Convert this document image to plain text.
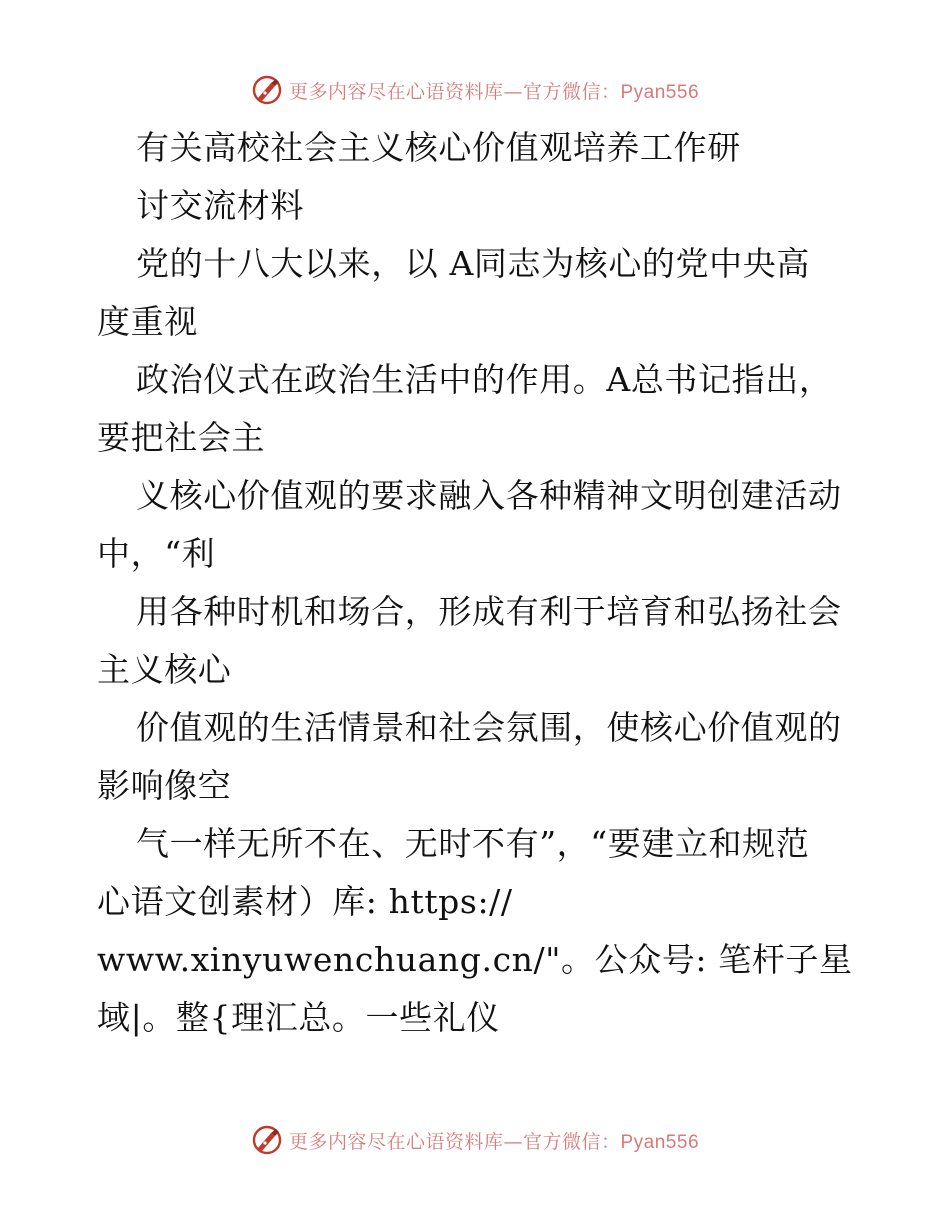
更多内容尽在心语资料库—官方微信：Pyan556
有关高校社会主义核心价值观培养工作研
讨交流材料
党的十八大以来，以 A同志为核心的党中央高
度重视
政治仪式在政治生活中的作用。A总书记指出，
要把社会主
义核心价值观的要求融入各种精神文明创建活动
中，“利
用各种时机和场合，形成有利于培育和弘扬社会
主义核心
价值观的生活情景和社会氛围，使核心价值观的
影响像空
气一样无所不在、无时不有”，“要建立和规范
心语文创素材）库: https://
www.xinyuwenchuang.cn/"。公众号: 笔杆子星
域|。整{理汇总。一些礼仪
更多内容尽在心语资料库—官方微信：Pyan556
